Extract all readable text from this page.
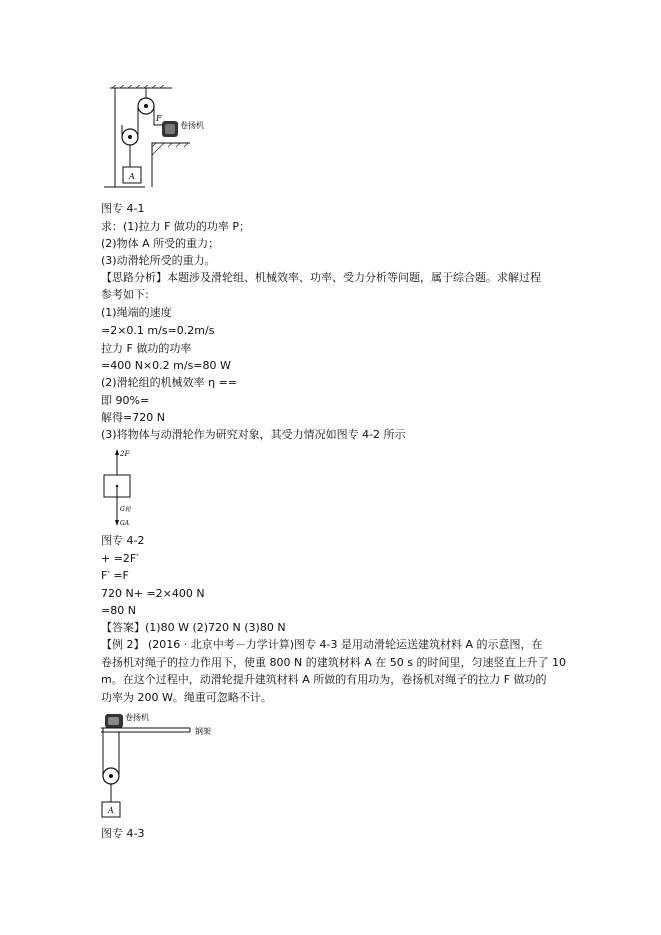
A
F
卷扬机
图专 4-1
求：(1)拉力 F 做功的功率 P；
(2)物体 A 所受的重力；
(3)动滑轮所受的重力。
【思路分析】本题涉及滑轮组、机械效率、功率、受力分析等问题，属于综合题。求解过程
参考如下:
(1)绳端的速度
=2×0.1 m/s=0.2m/s
拉力 F 做功的功率
=400 N×0.2 m/s=80 W
(2)滑轮组的机械效率 η ==
即 90%=
解得=720 N
(3)将物体与动滑轮作为研究对象，其受力情况如图专 4-2 所示
2F
G轮
GA
图专 4-2
+ =2F′
F′ =F
720 N+ =2×400 N
=80 N
【答案】(1)80 W (2)720 N (3)80 N
【例 2】 (2016 · 北京中考－力学计算)图专 4-3 是用动滑轮运送建筑材料 A 的示意图，在
卷扬机对绳子的拉力作用下，使重 800 N 的建筑材料 A 在 50 s 的时间里，匀速竖直上升了 10
m。在这个过程中，动滑轮提升建筑材料 A 所做的有用功为，卷扬机对绳子的拉力 F 做功的
功率为 200 W。绳重可忽略不计。
卷扬机
钢架
A
图专 4-3
